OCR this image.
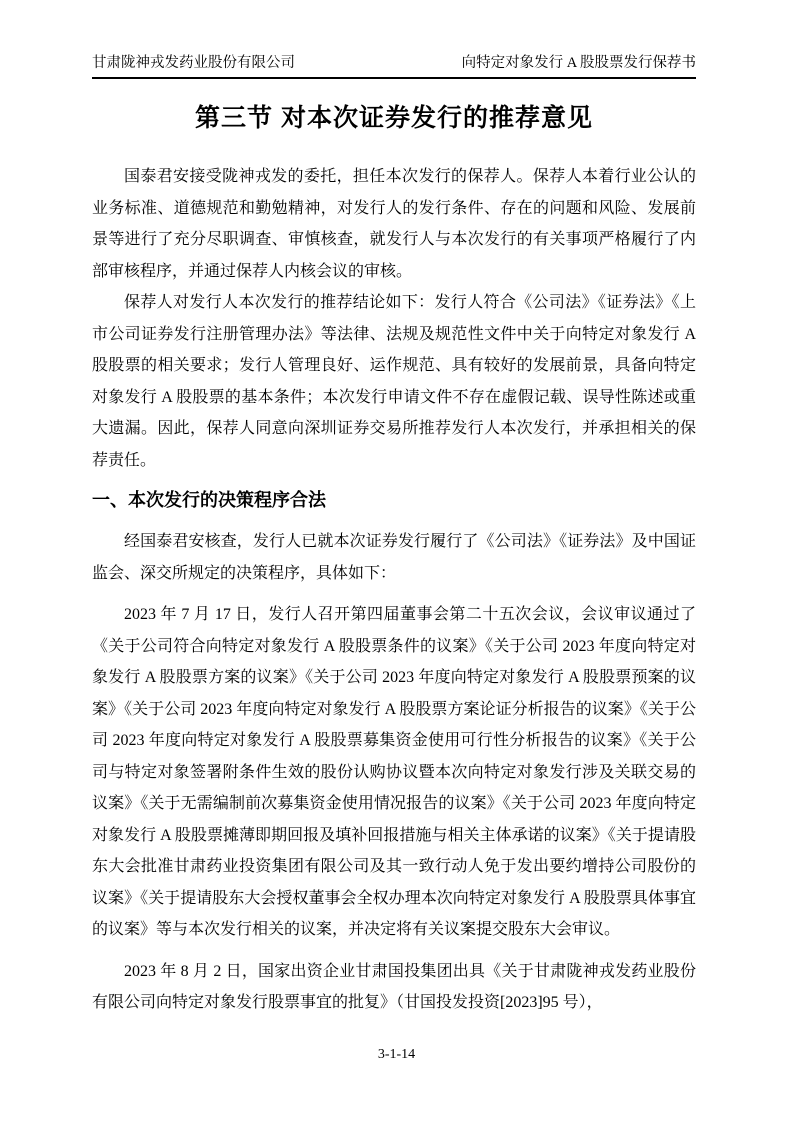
甘肃陇神戎发药业股份有限公司	向特定对象发行 A 股股票发行保荐书
第三节 对本次证券发行的推荐意见

国泰君安接受陇神戎发的委托，担任本次发行的保荐人。保荐人本着行业公认的业务标准、道德规范和勤勉精神，对发行人的发行条件、存在的问题和风险、发展前景等进行了充分尽职调查、审慎核查，就发行人与本次发行的有关事项严格履行了内部审核程序，并通过保荐人内核会议的审核。

保荐人对发行人本次发行的推荐结论如下：发行人符合《公司法》《证券法》《上市公司证券发行注册管理办法》等法律、法规及规范性文件中关于向特定对象发行 A 股股票的相关要求；发行人管理良好、运作规范、具有较好的发展前景，具备向特定对象发行 A 股股票的基本条件；本次发行申请文件不存在虚假记载、误导性陈述或重大遗漏。因此，保荐人同意向深圳证券交易所推荐发行人本次发行，并承担相关的保荐责任。

一、本次发行的决策程序合法

经国泰君安核查，发行人已就本次证券发行履行了《公司法》《证券法》及中国证监会、深交所规定的决策程序，具体如下：

2023 年 7 月 17 日，发行人召开第四届董事会第二十五次会议，会议审议通过了《关于公司符合向特定对象发行 A 股股票条件的议案》《关于公司 2023 年度向特定对象发行 A 股股票方案的议案》《关于公司 2023 年度向特定对象发行 A 股股票预案的议案》《关于公司 2023 年度向特定对象发行 A 股股票方案论证分析报告的议案》《关于公司 2023 年度向特定对象发行 A 股股票募集资金使用可行性分析报告的议案》《关于公司与特定对象签署附条件生效的股份认购协议暨本次向特定对象发行涉及关联交易的议案》《关于无需编制前次募集资金使用情况报告的议案》《关于公司 2023 年度向特定对象发行 A 股股票摊薄即期回报及填补回报措施与相关主体承诺的议案》《关于提请股东大会批准甘肃药业投资集团有限公司及其一致行动人免于发出要约增持公司股份的议案》《关于提请股东大会授权董事会全权办理本次向特定对象发行 A 股股票具体事宜的议案》等与本次发行相关的议案，并决定将有关议案提交股东大会审议。

2023 年 8 月 2 日，国家出资企业甘肃国投集团出具《关于甘肃陇神戎发药业股份有限公司向特定对象发行股票事宜的批复》（甘国投发投资[2023]95 号），

3-1-14
